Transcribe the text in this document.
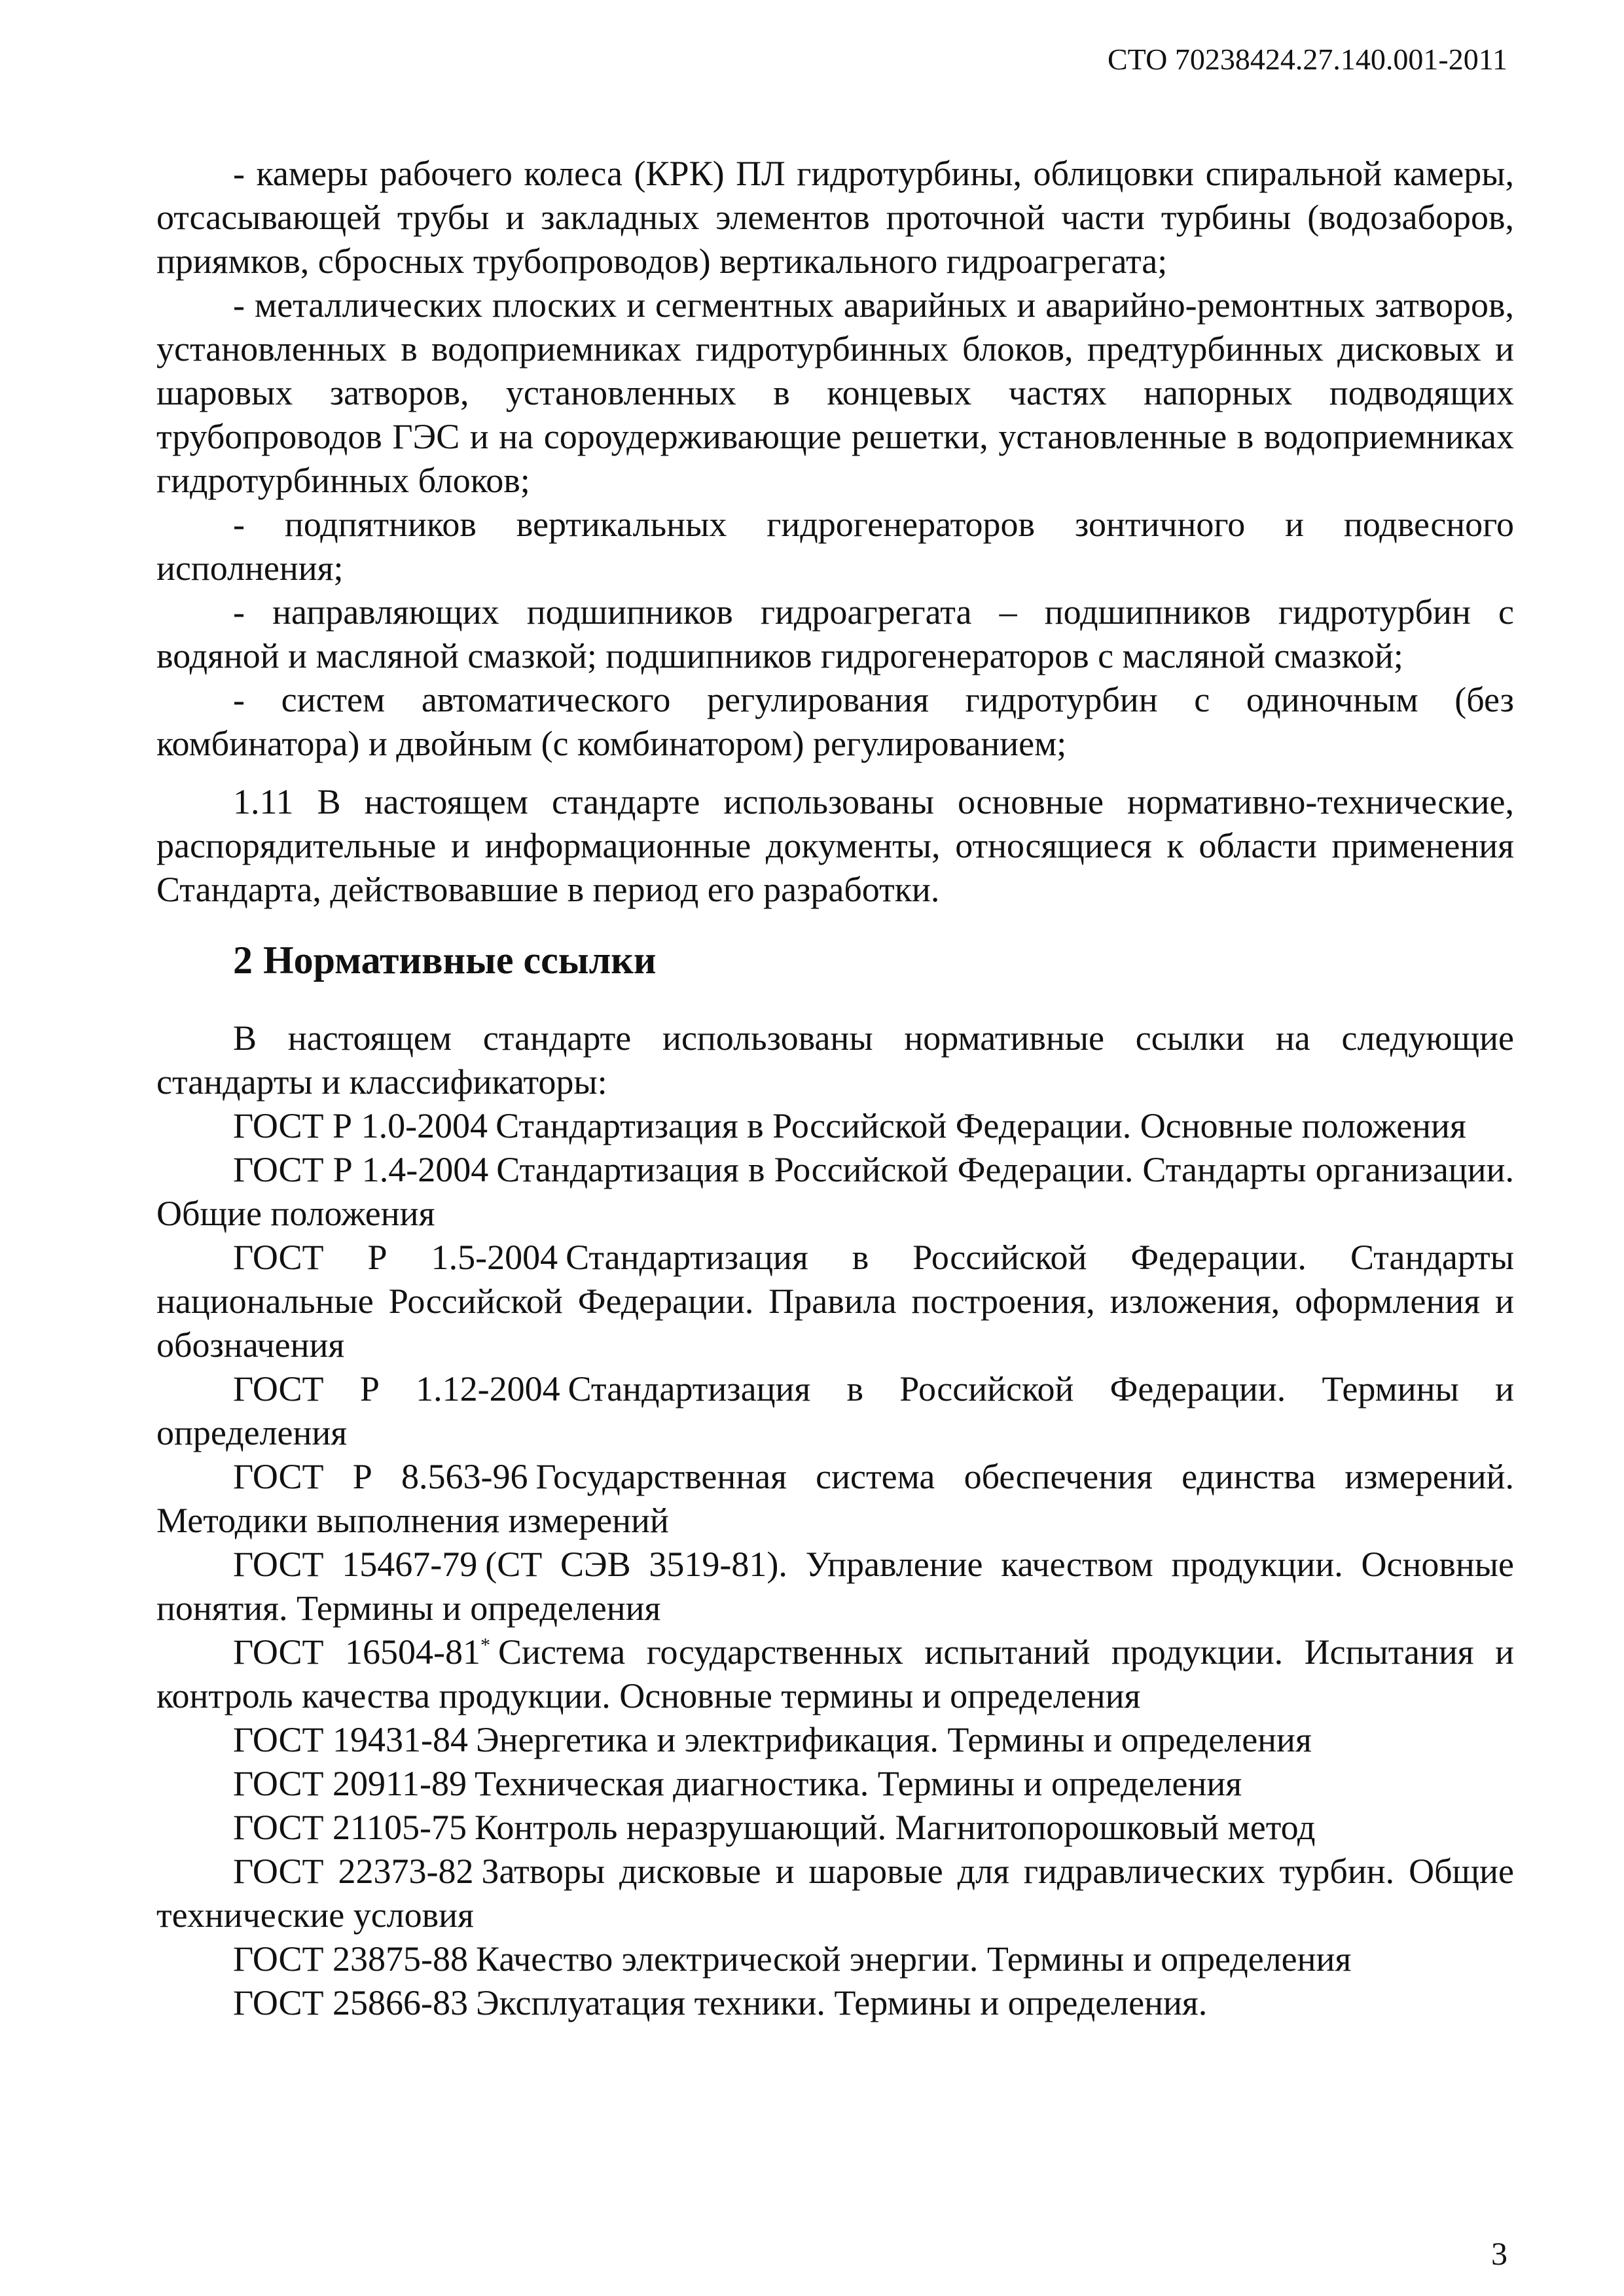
СТО 70238424.27.140.001-2011

- камеры рабочего колеса (КРК) ПЛ гидротурбины, облицовки спиральной камеры, отсасывающей трубы и закладных элементов проточной части турбины (водозаборов, приямков, сбросных трубопроводов) вертикального гидроагрегата;

- металлических плоских и сегментных аварийных и аварийно-ремонтных затворов, установленных в водоприемниках гидротурбинных блоков, предтурбинных дисковых и шаровых затворов, установленных в концевых частях напорных подводящих трубопроводов ГЭС и на сороудерживающие решетки, установленные в водоприемниках гидротурбинных блоков;

- подпятников вертикальных гидрогенераторов зонтичного и подвесного исполнения;

- направляющих подшипников гидроагрегата – подшипников гидротурбин с водяной и масляной смазкой; подшипников гидрогенераторов с масляной смазкой;

- систем автоматического регулирования гидротурбин с одиночным (без комбинатора) и двойным (с комбинатором) регулированием;

1.11 В настоящем стандарте использованы основные нормативно-технические, распорядительные и информационные документы, относящиеся к области применения Стандарта, действовавшие в период его разработки.

2 Нормативные ссылки

В настоящем стандарте использованы нормативные ссылки на следующие стандарты и классификаторы:

ГОСТ Р 1.0-2004 Стандартизация в Российской Федерации. Основные положения

ГОСТ Р 1.4-2004 Стандартизация в Российской Федерации. Стандарты организации. Общие положения

ГОСТ Р 1.5-2004 Стандартизация в Российской Федерации. Стандарты национальные Российской Федерации. Правила построения, изложения, оформления и обозначения

ГОСТ Р 1.12-2004 Стандартизация в Российской Федерации. Термины и определения

ГОСТ Р 8.563-96 Государственная система обеспечения единства измерений. Методики выполнения измерений

ГОСТ 15467-79 (СТ СЭВ 3519-81). Управление качеством продукции. Основные понятия. Термины и определения

ГОСТ 16504-81* Система государственных испытаний продукции. Испытания и контроль качества продукции. Основные термины и определения

ГОСТ 19431-84 Энергетика и электрификация. Термины и определения

ГОСТ 20911-89 Техническая диагностика. Термины и определения

ГОСТ 21105-75 Контроль неразрушающий. Магнитопорошковый метод

ГОСТ 22373-82 Затворы дисковые и шаровые для гидравлических турбин. Общие технические условия

ГОСТ 23875-88 Качество электрической энергии. Термины и определения

ГОСТ 25866-83 Эксплуатация техники. Термины и определения.

3
